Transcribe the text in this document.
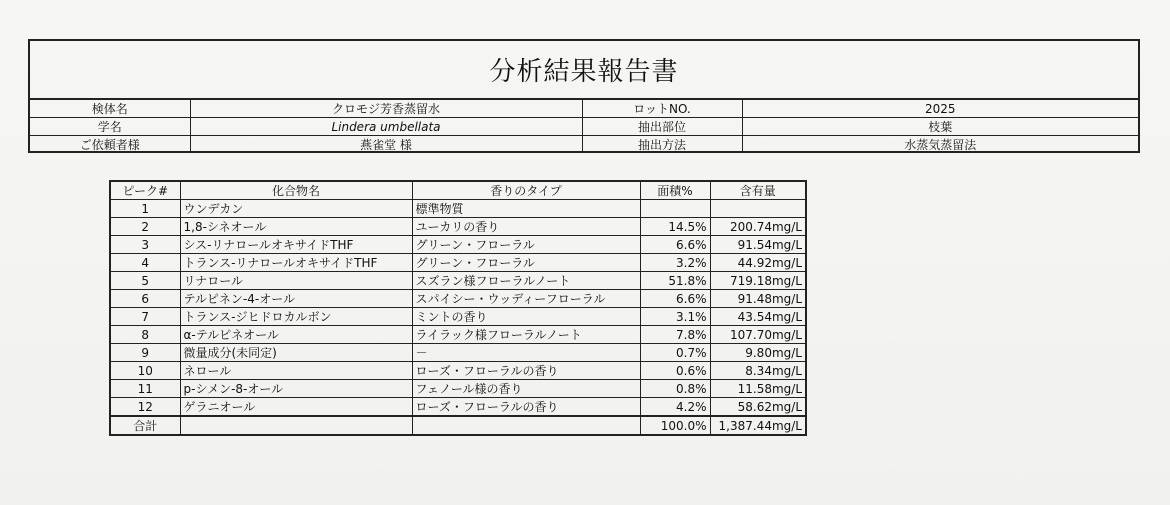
分析結果報告書
検体名	クロモジ芳香蒸留水	ロットNO.	2025
学名	Lindera umbellata	抽出部位	枝葉
ご依頼者様	燕雀堂 様	抽出方法	水蒸気蒸留法
ピーク#	化合物名	香りのタイプ	面積%	含有量
1	ウンデカン	標準物質		
2	1,8-シネオール	ユーカリの香り	14.5%	200.74mg/L
3	シス-リナロールオキサイドTHF	グリーン・フローラル	6.6%	91.54mg/L
4	トランス-リナロールオキサイドTHF	グリーン・フローラル	3.2%	44.92mg/L
5	リナロール	スズラン様フローラルノート	51.8%	719.18mg/L
6	テルピネン-4-オール	スパイシー・ウッディーフローラル	6.6%	91.48mg/L
7	トランス-ジヒドロカルボン	ミントの香り	3.1%	43.54mg/L
8	α-テルピネオール	ライラック様フローラルノート	7.8%	107.70mg/L
9	微量成分(未同定)	－	0.7%	9.80mg/L
10	ネロール	ローズ・フローラルの香り	0.6%	8.34mg/L
11	p-シメン-8-オール	フェノール様の香り	0.8%	11.58mg/L
12	ゲラニオール	ローズ・フローラルの香り	4.2%	58.62mg/L
合計			100.0%	1,387.44mg/L
